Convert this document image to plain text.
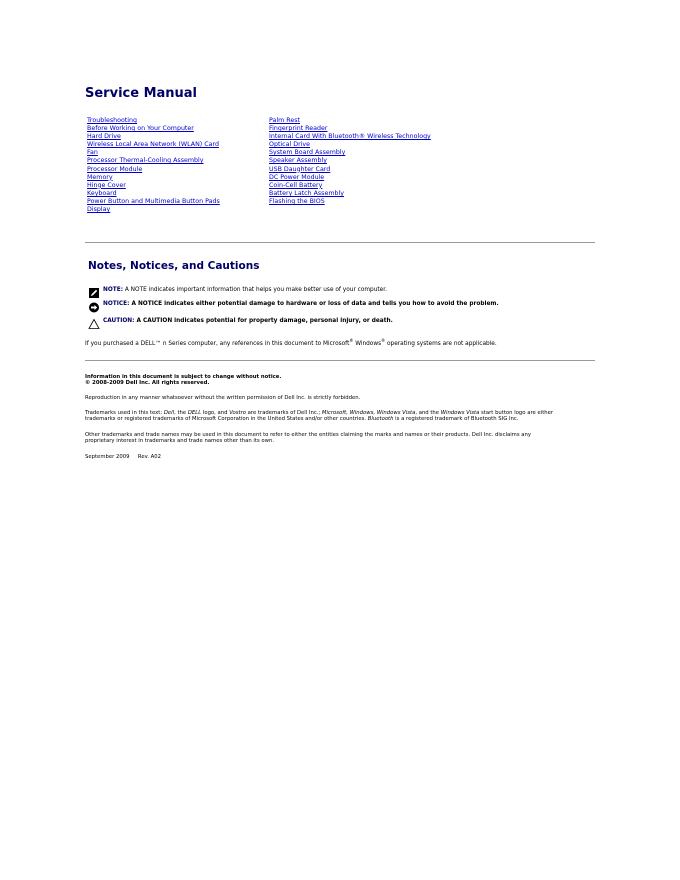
Service Manual
Troubleshooting
Before Working on Your Computer
Hard Drive
Wireless Local Area Network (WLAN) Card
Fan
Processor Thermal-Cooling Assembly
Processor Module
Memory
Hinge Cover
Keyboard
Power Button and Multimedia Button Pads
Display
Palm Rest
Fingerprint Reader
Internal Card With Bluetooth® Wireless Technology
Optical Drive
System Board Assembly
Speaker Assembly
USB Daughter Card
DC Power Module
Coin-Cell Battery
Battery Latch Assembly
Flashing the BIOS
Notes, Notices, and Cautions
NOTE: A NOTE indicates important information that helps you make better use of your computer.
NOTICE: A NOTICE indicates either potential damage to hardware or loss of data and tells you how to avoid the problem.
CAUTION: A CAUTION indicates potential for property damage, personal injury, or death.

If you purchased a DELL™ n Series computer, any references in this document to Microsoft® Windows® operating systems are not applicable.

Information in this document is subject to change without notice.
© 2008-2009 Dell Inc. All rights reserved.

Reproduction in any manner whatsoever without the written permission of Dell Inc. is strictly forbidden.

Trademarks used in this text: Dell, the DELL logo, and Vostro are trademarks of Dell Inc.; Microsoft, Windows, Windows Vista, and the Windows Vista start button logo are either
trademarks or registered trademarks of Microsoft Corporation in the United States and/or other countries. Bluetooth is a registered trademark of Bluetooth SIG Inc.

Other trademarks and trade names may be used in this document to refer to either the entities claiming the marks and names or their products. Dell Inc. disclaims any
proprietary interest in trademarks and trade names other than its own.

September 2009 Rev. A02
